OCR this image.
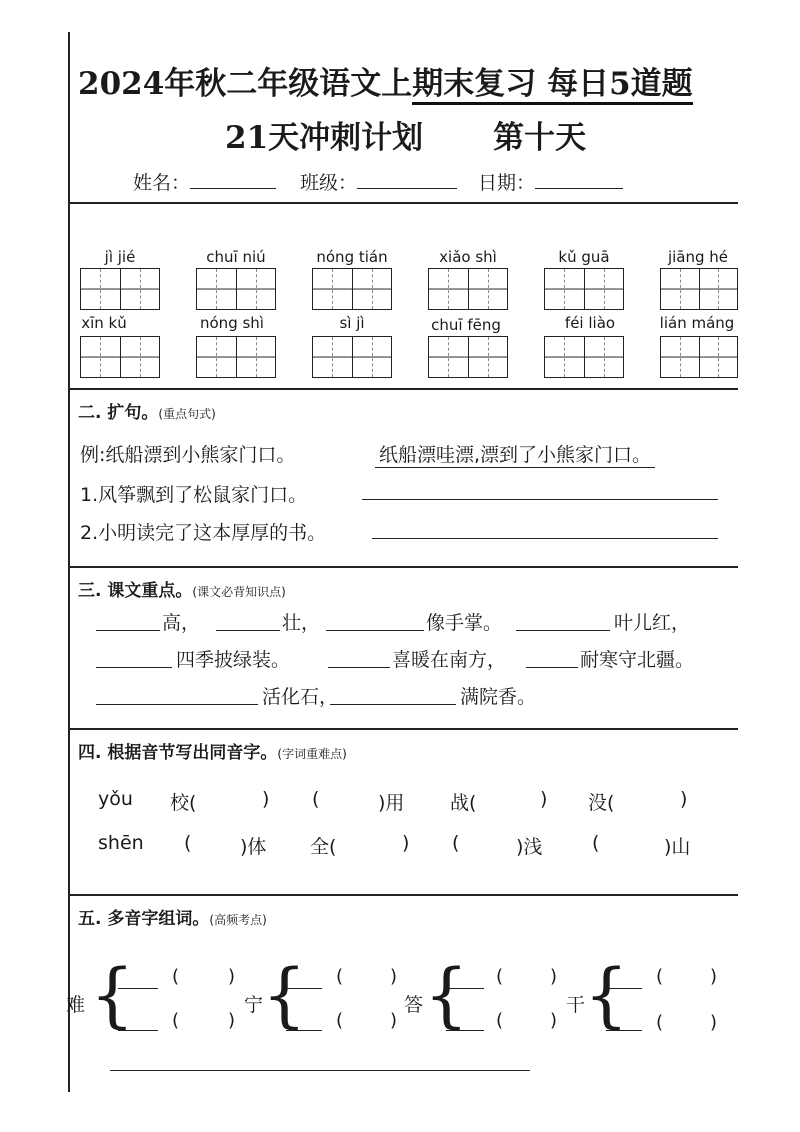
2024年秋二年级语文上期末复习 每日5道题
21天冲刺计划 第十天
姓名：	班级：	日期：
jì jié	chuī niú	nóng tián	xiǎo shì	kǔ guā	jiāng hé
xīn kǔ	nóng shì	sì jì	chuī fēng	féi liào	lián máng
二. 扩句。(重点句式)
例:纸船漂到小熊家门口。	纸船漂哇漂,漂到了小熊家门口。
1.风筝飘到了松鼠家门口。
2.小明读完了这本厚厚的书。
三. 课文重点。(课文必背知识点)
高，	壮，	像手掌。	叶儿红，
四季披绿装。	喜暖在南方，	耐寒守北疆。
活化石，	满院香。
四. 根据音节写出同音字。(字词重难点)
yǒu 校(	) (	)用 战(	) 没(	)
shēn (	)体 全(	) (	)浅	(	)山
五. 多音字组词。(高频考点)
难 { (	)
(	)
宁
{ (	)
(	)
答 { (	)
(	)
干
{ (	)
(	)
